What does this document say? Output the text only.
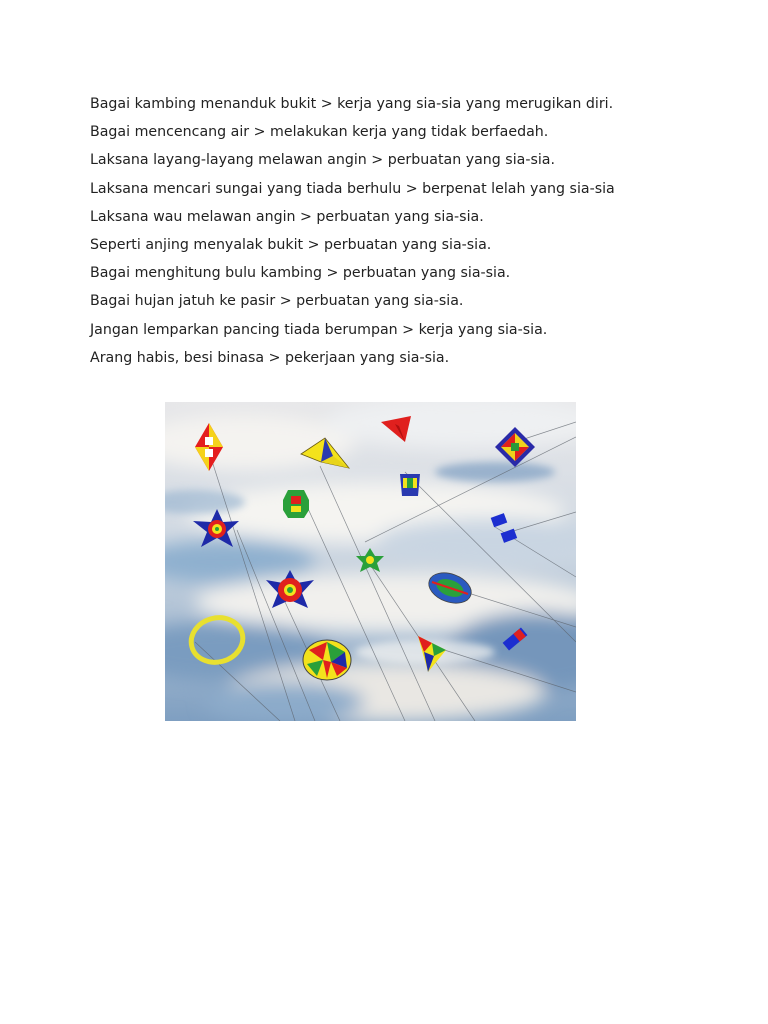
Bagai kambing menanduk bukit > kerja yang sia-sia yang merugikan diri.
Bagai mencencang air > melakukan kerja yang tidak berfaedah.
Laksana layang-layang melawan angin > perbuatan yang sia-sia.
Laksana mencari sungai yang tiada berhulu > berpenat lelah yang sia-sia
Laksana wau melawan angin > perbuatan yang sia-sia.
Seperti anjing menyalak bukit > perbuatan yang sia-sia.
Bagai menghitung bulu kambing > perbuatan yang sia-sia.
Bagai hujan jatuh ke pasir > perbuatan yang sia-sia.
Jangan lemparkan pancing tiada berumpan > kerja yang sia-sia.
Arang habis, besi binasa > pekerjaan yang sia-sia.
